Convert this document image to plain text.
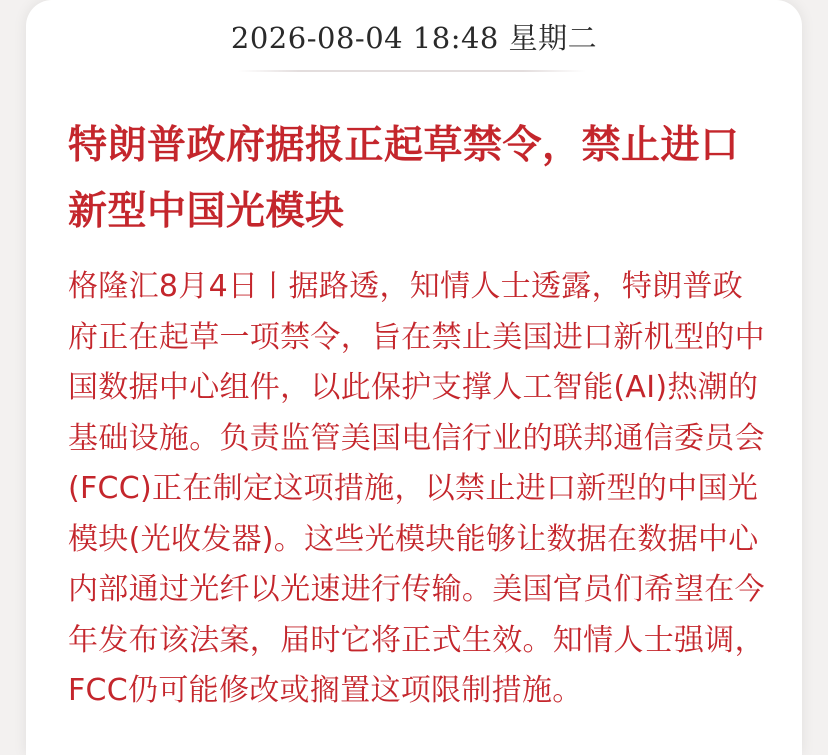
2026-08-04 18:48 星期二
特朗普政府据报正起草禁令，禁止进口新型中国光模块

格隆汇8月4日丨据路透，知情人士透露，特朗普政府正在起草一项禁令，旨在禁止美国进口新机型的中国数据中心组件，以此保护支撑人工智能(AI)热潮的基础设施。负责监管美国电信行业的联邦通信委员会(FCC)正在制定这项措施，以禁止进口新型的中国光模块(光收发器)。这些光模块能够让数据在数据中心内部通过光纤以光速进行传输。美国官员们希望在今年发布该法案，届时它将正式生效。知情人士强调，FCC仍可能修改或搁置这项限制措施。
